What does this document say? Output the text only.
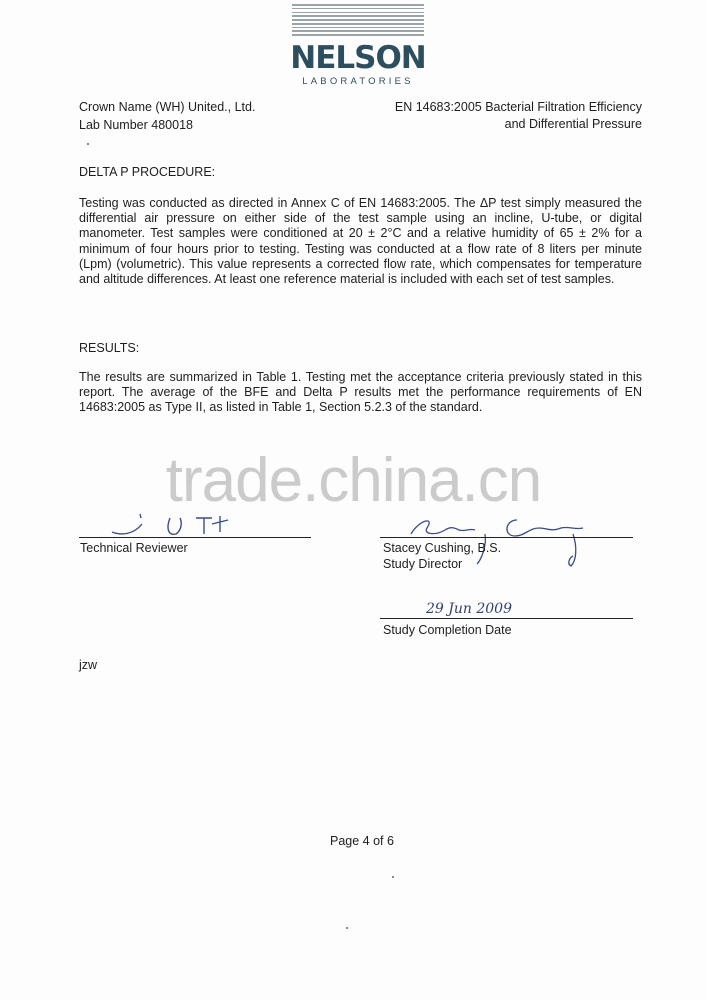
NELSON
LABORATORIES
Crown Name (WH) United., Ltd.
Lab Number 480018
EN 14683:2005 Bacterial Filtration Efficiency
and Differential Pressure
DELTA P PROCEDURE:
Testing was conducted as directed in Annex C of EN 14683:2005. The ΔP test simply measured the differential air pressure on either side of the test sample using an incline, U-tube, or digital manometer. Test samples were conditioned at 20 ± 2°C and a relative humidity of 65 ± 2% for a minimum of four hours prior to testing. Testing was conducted at a flow rate of 8 liters per minute (Lpm) (volumetric). This value represents a corrected flow rate, which compensates for temperature and altitude differences. At least one reference material is included with each set of test samples.
RESULTS:
The results are summarized in Table 1. Testing met the acceptance criteria previously stated in this report. The average of the BFE and Delta P results met the performance requirements of EN 14683:2005 as Type II, as listed in Table 1, Section 5.2.3 of the standard.
trade.china.cn
Technical Reviewer	Stacey Cushing, B.S.
Study Director
29 Jun 2009
Study Completion Date
jzw
Page 4 of 6
